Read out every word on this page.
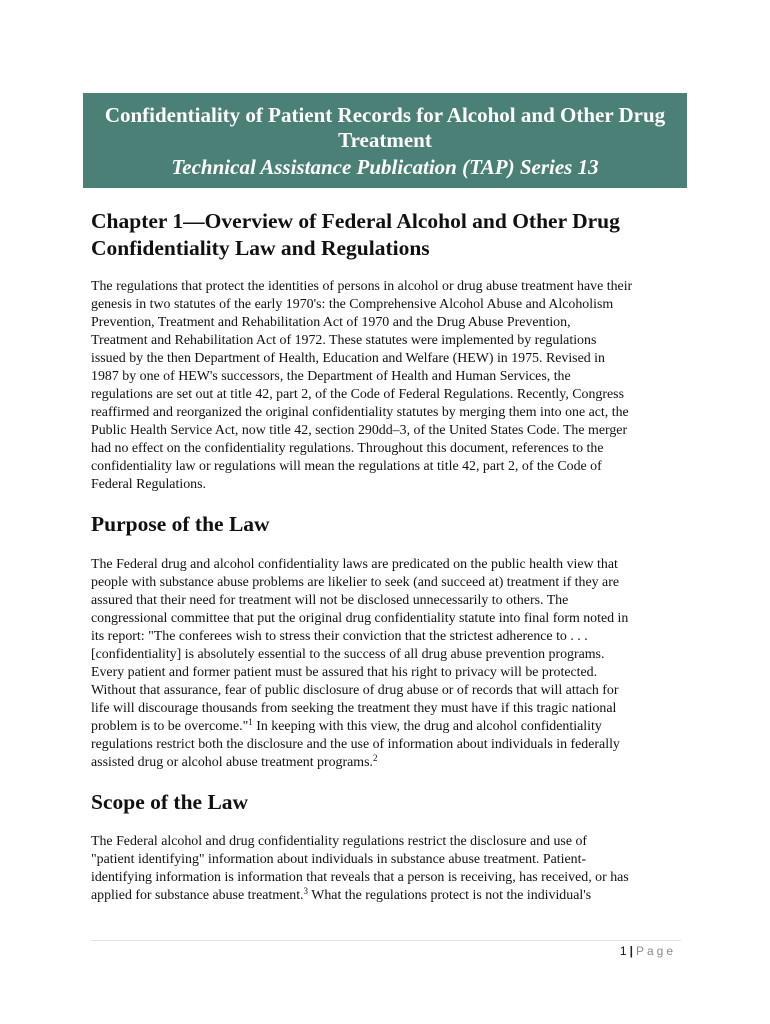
Confidentiality of Patient Records for Alcohol and Other Drug Treatment
Technical Assistance Publication (TAP) Series 13
Chapter 1—Overview of Federal Alcohol and Other Drug
Confidentiality Law and Regulations

The regulations that protect the identities of persons in alcohol or drug abuse treatment have their
genesis in two statutes of the early 1970's: the Comprehensive Alcohol Abuse and Alcoholism
Prevention, Treatment and Rehabilitation Act of 1970 and the Drug Abuse Prevention,
Treatment and Rehabilitation Act of 1972. These statutes were implemented by regulations
issued by the then Department of Health, Education and Welfare (HEW) in 1975. Revised in
1987 by one of HEW's successors, the Department of Health and Human Services, the
regulations are set out at title 42, part 2, of the Code of Federal Regulations. Recently, Congress
reaffirmed and reorganized the original confidentiality statutes by merging them into one act, the
Public Health Service Act, now title 42, section 290dd–3, of the United States Code. The merger
had no effect on the confidentiality regulations. Throughout this document, references to the
confidentiality law or regulations will mean the regulations at title 42, part 2, of the Code of
Federal Regulations.

Purpose of the Law

The Federal drug and alcohol confidentiality laws are predicated on the public health view that
people with substance abuse problems are likelier to seek (and succeed at) treatment if they are
assured that their need for treatment will not be disclosed unnecessarily to others. The
congressional committee that put the original drug confidentiality statute into final form noted in
its report: "The conferees wish to stress their conviction that the strictest adherence to . . .
[confidentiality] is absolutely essential to the success of all drug abuse prevention programs.
Every patient and former patient must be assured that his right to privacy will be protected.
Without that assurance, fear of public disclosure of drug abuse or of records that will attach for
life will discourage thousands from seeking the treatment they must have if this tragic national
problem is to be overcome."$^1$ In keeping with this view, the drug and alcohol confidentiality
regulations restrict both the disclosure and the use of information about individuals in federally
assisted drug or alcohol abuse treatment programs.$^2$

Scope of the Law

The Federal alcohol and drug confidentiality regulations restrict the disclosure and use of
"patient identifying" information about individuals in substance abuse treatment. Patient-
identifying information is information that reveals that a person is receiving, has received, or has
applied for substance abuse treatment.$^3$ What the regulations protect is not the individual's

1 | Page
